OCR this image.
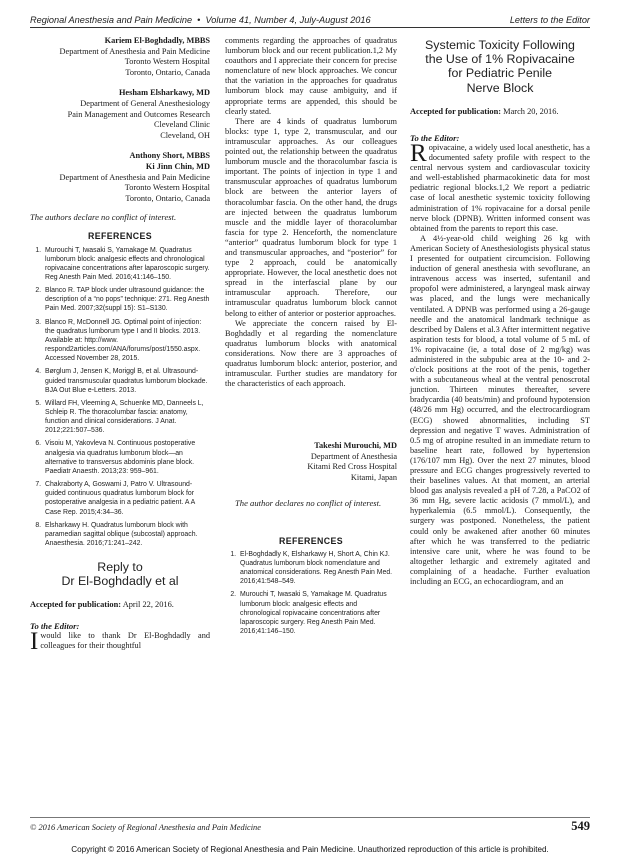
Regional Anesthesia and Pain Medicine  •  Volume 41, Number 4, July-August 2016	Letters to the Editor
Kariem El-Boghdadly, MBBS
Department of Anesthesia and Pain Medicine
Toronto Western Hospital
Toronto, Ontario, Canada
Hesham Elsharkawy, MD
Department of General Anesthesiology
Pain Management and Outcomes Research
Cleveland Clinic
Cleveland, OH
Anthony Short, MBBS
Ki Jinn Chin, MD
Department of Anesthesia and Pain Medicine
Toronto Western Hospital
Toronto, Ontario, Canada
The authors declare no conflict of interest.
REFERENCES
1. Murouchi T, Iwasaki S, Yamakage M. Quadratus lumborum block: analgesic effects and chronological ropivacaine concentrations after laparoscopic surgery. Reg Anesth Pain Med. 2016;41:146–150.
2. Blanco R. TAP block under ultrasound guidance: the description of a “no pops” technique: 271. Reg Anesth Pain Med. 2007;32(suppl 15): S1–S130.
3. Blanco R, McDonnell JG. Optimal point of injection: the quadratus lumborum type I and II blocks. 2013. Available at: http://www. respond2articles.com/ANA/forums/post/1550.aspx. Accessed November 28, 2015.
4. Børglum J, Jensen K, Moriggl B, et al. Ultrasound-guided transmuscular quadratus lumborum blockade. BJA Out Blue e-Letters. 2013.
5. Willard FH, Vleeming A, Schuenke MD, Danneels L, Schleip R. The thoracolumbar fascia: anatomy, function and clinical considerations. J Anat. 2012;221:507–536.
6. Visoiu M, Yakovleva N. Continuous postoperative analgesia via quadratus lumborum block—an alternative to transversus abdominis plane block. Paediatr Anaesth. 2013;23: 959–961.
7. Chakraborty A, Goswami J, Patro V. Ultrasound-guided continuous quadratus lumborum block for postoperative analgesia in a pediatric patient. A A Case Rep. 2015;4:34–36.
8. Elsharkawy H. Quadratus lumborum block with paramedian sagittal oblique (subcostal) approach. Anaesthesia. 2016;71:241–242.
Reply to
Dr El-Boghdadly et al
Accepted for publication: April 22, 2016.
To the Editor:

Iwould like to thank Dr El-Boghdadly and colleagues for their thoughtful

comments regarding the approaches of quadratus lumborum block and our recent publication.1,2 My coauthors and I appreciate their concern for precise nomenclature of new block approaches. We concur that the variation in the approaches for quadratus lumborum block may cause ambiguity, and if appropriate terms are appended, this should be clearly stated.

There are 4 kinds of quadratus lumborum blocks: type 1, type 2, transmuscular, and our intramuscular approaches. As our colleagues pointed out, the relationship between the quadratus lumborum muscle and the thoracolumbar fascia is important. The points of injection in type 1 and transmuscular approaches of quadratus lumborum block are between the anterior layers of thoracolumbar fascia. On the other hand, the drugs are injected between the quadratus lumborum muscle and the middle layer of thoracolumbar fascia for type 2. Henceforth, the nomenclature “anterior” quadratus lumborum block for type 1 and transmuscular approaches, and “posterior” for type 2 approach, could be anatomically appropriate. However, the local anesthetic does not spread in the interfascial plane by our intramuscular approach. Therefore, our intramuscular quadratus lumborum block cannot belong to either of anterior or posterior approaches.

We appreciate the concern raised by El-Boghdadly et al regarding the nomenclature quadratus lumborum blocks with anatomical considerations. Now there are 3 approaches of quadratus lumborum block: anterior, posterior, and intramuscular. Further studies are mandatory for the characteristics of each approach.

Takeshi Murouchi, MD
Department of Anesthesia
Kitami Red Cross Hospital
Kitami, Japan
The author declares no conflict of interest.
REFERENCES
1. El-Boghdadly K, Elsharkawy H, Short A, Chin KJ. Quadratus lumborum block nomenclature and anatomical considerations. Reg Anesth Pain Med. 2016;41:548–549.
2. Murouchi T, Iwasaki S, Yamakage M. Quadratus lumborum block: analgesic effects and chronological ropivacaine concentrations after laparoscopic surgery. Reg Anesth Pain Med. 2016;41:146–150.
Systemic Toxicity Following
the Use of 1% Ropivacaine
for Pediatric Penile
Nerve Block
Accepted for publication: March 20, 2016.
To the Editor:

Ropivacaine, a widely used local anesthetic, has a documented safety profile with respect to the central nervous system and cardiovascular toxicity and well-established pharmacokinetic data for most pediatric regional blocks.1,2 We report a pediatric case of local anesthetic systemic toxicity following administration of 1% ropivacaine for a dorsal penile nerve block (DPNB). Written informed consent was obtained from the parents to report this case.

A 4½-year-old child weighing 26 kg with American Society of Anesthesiologists physical status I presented for outpatient circumcision. Following induction of general anesthesia with sevoflurane, an intravenous access was inserted, sufentanil and propofol were administered, a laryngeal mask airway was placed, and the lungs were mechanically ventilated. A DPNB was performed using a 26-gauge needle and the anatomical landmark technique as described by Dalens et al.3 After intermittent negative aspiration tests for blood, a total volume of 5 mL of 1% ropivacaine (ie, a total dose of 2 mg/kg) was administered in the subpubic area at the 10- and 2-o'clock positions at the root of the penis, together with a subcutaneous wheal at the ventral penoscrotal junction. Thirteen minutes thereafter, severe bradycardia (40 beats/min) and profound hypotension (48/26 mm Hg) occurred, and the electrocardiogram (ECG) showed abnormalities, including ST depression and negative T waves. Administration of 0.5 mg of atropine resulted in an immediate return to baseline heart rate, followed by hypertension (176/107 mm Hg). Over the next 27 minutes, blood pressure and ECG changes progressively reverted to their baselines values. At that moment, an arterial blood gas analysis revealed a pH of 7.28, a PaCO2 of 36 mm Hg, severe lactic acidosis (7 mmol/L), and hyperkalemia (6.5 mmol/L). Consequently, the surgery was postponed. Nonetheless, the patient could only be awakened after another 60 minutes after which he was transferred to the pediatric intensive care unit, where he was found to be altogether lethargic and extremely agitated and complaining of a headache. Further evaluation including an ECG, an echocardiogram, and an

© 2016 American Society of Regional Anesthesia and Pain Medicine	549
Copyright © 2016 American Society of Regional Anesthesia and Pain Medicine. Unauthorized reproduction of this article is prohibited.
